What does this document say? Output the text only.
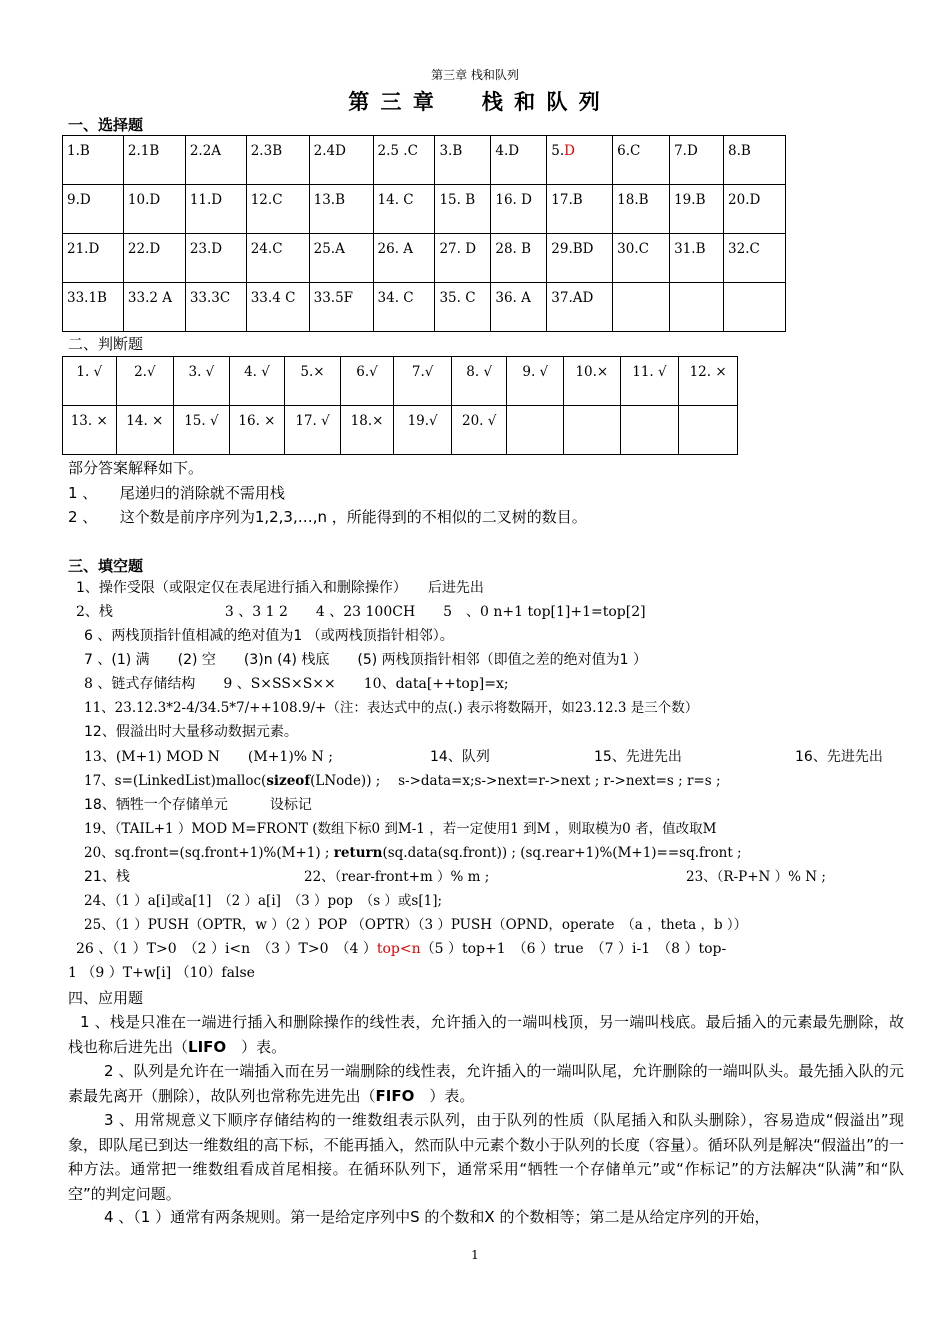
第三章 栈和队列
第 三 章　　栈 和 队 列
一、选择题
1.B	2.1B	2.2A	2.3B	2.4D	2.5 .C	3.B	4.D	5.D	6.C	7.D	8.B
9.D	10.D	11.D	12.C	13.B	14. C	15. B	16. D	17.B	18.B	19.B	20.D
21.D	22.D	23.D	24.C	25.A	26. A	27. D	28. B	29.BD	30.C	31.B	32.C
33.1B	33.2 A	33.3C	33.4 C	33.5F	34. C	35. C	36. A	37.AD			
二、判断题
1. √	2.√	3. √	4. √	5.×	6.√	7.√	8. √	9. √	10.×	11. √	12. ×
13. ×	14. ×	15. √	16. ×	17. √	18.×	19.√	20. √				
部分答案解释如下。
1 、　　尾递归的消除就不需用栈
2 、　　这个数是前序序列为1,2,3,…,n ，所能得到的不相似的二叉树的数目。
三、填空题
1、操作受限（或限定仅在表尾进行插入和删除操作）　　后进先出
2、栈　　　　　　　　3 、3 1 2　　4 、23 100CH　　5　、0 n+1 top[1]+1=top[2]
6 、两栈顶指针值相减的绝对值为1 （或两栈顶指针相邻）。
7 、(1) 满　　(2) 空　　(3)n (4) 栈底　　(5) 两栈顶指针相邻（即值之差的绝对值为1 ）
8 、链式存储结构　　9 、S×SS×S××　　10、data[++top]=x;
11、23.12.3*2-4/34.5*7/++108.9/+（注：表达式中的点(.) 表示将数隔开，如23.12.3 是三个数）
12、假溢出时大量移动数据元素。
13、(M+1) MOD N　　(M+1)% N ;	14、队列	15、先进先出	16、先进先出
17、s=(LinkedList)malloc(sizeof(LNode)) ;　 s->data=x;s->next=r->next ; r->next=s ; r=s ;
18、牺牲一个存储单元　　　设标记
19、（TAIL+1 ）MOD M=FRONT (数组下标0 到M-1 ，若一定使用1 到M ，则取模为0 者，值改取M
20、sq.front=(sq.front+1)%(M+1) ; return(sq.data(sq.front)) ; (sq.rear+1)%(M+1)==sq.front ;
21、栈	22、（rear-front+m ）% m ;	23、（R-P+N ）% N ;
24、（1 ）a[i]或a[1]　（2 ）a[i]　（3 ）pop　（s ）或s[1];
25、（1 ）PUSH（OPTR，w ）（2 ）POP （OPTR）（3 ）PUSH（OPND，operate　（a ，theta ，b ））
26 、（1 ）T>0　（2 ）i<n　（3 ）T>0　（4 ）top<n（5 ）top+1　（6 ）true　（7 ）i-1　（8 ）top-
1 （9 ）T+w[i] （10）false
四、应用题
1 、栈是只准在一端进行插入和删除操作的线性表，允许插入的一端叫栈顶，另一端叫栈底。最后插入的元素最先删除，故栈也称后进先出（LIFO　 ）表。
2 、队列是允许在一端插入而在另一端删除的线性表，允许插入的一端叫队尾，允许删除的一端叫队头。最先插入队的元素最先离开（删除），故队列也常称先进先出（FIFO　 ）表。
3 、用常规意义下顺序存储结构的一维数组表示队列，由于队列的性质（队尾插入和队头删除），容易造成“假溢出”现象，即队尾已到达一维数组的高下标，不能再插入，然而队中元素个数小于队列的长度（容量）。循环队列是解决“假溢出”的一种方法。通常把一维数组看成首尾相接。在循环队列下，通常采用“牺牲一个存储单元”或“作标记”的方法解决“队满”和“队空”的判定问题。
4 、（1 ）通常有两条规则。第一是给定序列中S 的个数和X 的个数相等；第二是从给定序列的开始，
1
